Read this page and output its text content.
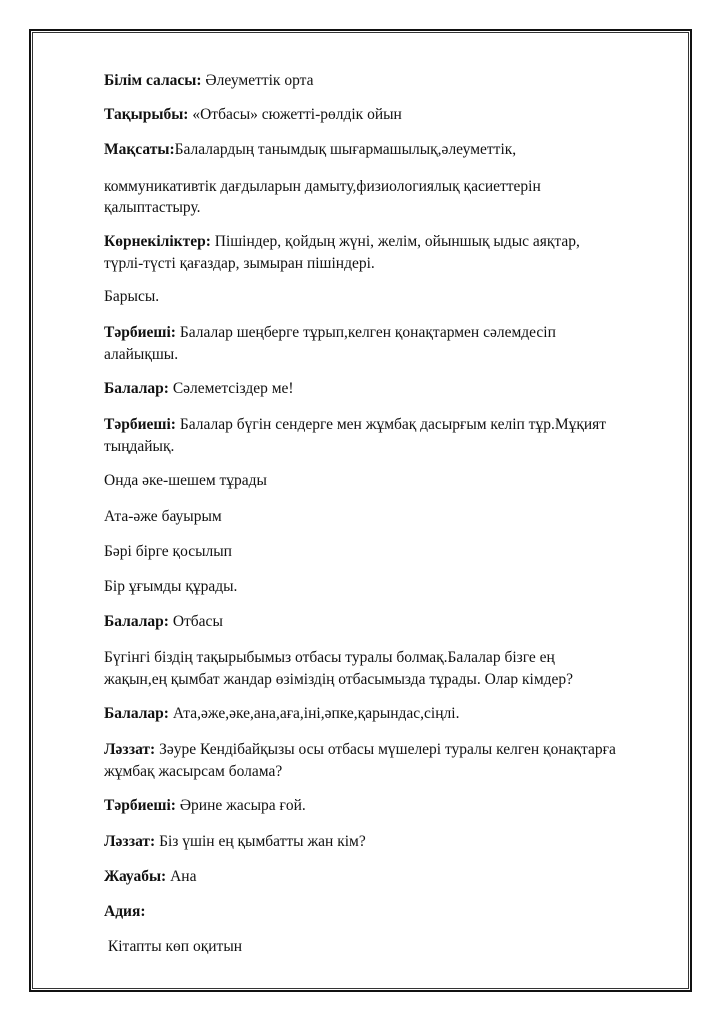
Білім саласы: Әлеуметтік орта

Тақырыбы: «Отбасы» сюжетті-рөлдік ойын

Мақсаты:Балалардың танымдық шығармашылық,әлеуметтік,

коммуникативтік дағдыларын дамыту,физиологиялық қасиеттерін

қалыптастыру.

Көрнекіліктер: Пішіндер, қойдың жүні, желім, ойыншық ыдыс аяқтар,

түрлі-түсті қағаздар, зымыран пішіндері.

Барысы.

Тәрбиеші: Балалар шеңберге тұрып,келген қонақтармен сәлемдесіп

алайықшы.

Балалар: Сәлеметсіздер ме!

Тәрбиеші: Балалар бүгін сендерге мен жұмбақ дасырғым келіп тұр.Мұқият

тыңдайық.

Онда әке-шешем тұрады

Ата-әже бауырым

Бәрі бірге қосылып

Бір ұғымды құрады.

Балалар: Отбасы

Бүгінгі біздің тақырыбымыз отбасы туралы болмақ.Балалар бізге ең

жақын,ең қымбат жандар өзіміздің отбасымызда тұрады. Олар кімдер?

Балалар: Ата,әже,әке,ана,аға,іні,әпке,қарындас,сіңлі.

Ләззат: Зәуре Кендібайқызы осы отбасы мүшелері туралы келген қонақтарға

жұмбақ жасырсам болама?

Тәрбиеші: Әрине жасыра ғой.

Ләззат: Біз үшін ең қымбатты жан кім?

Жауабы: Ана

Адия:

Кітапты көп оқитын
